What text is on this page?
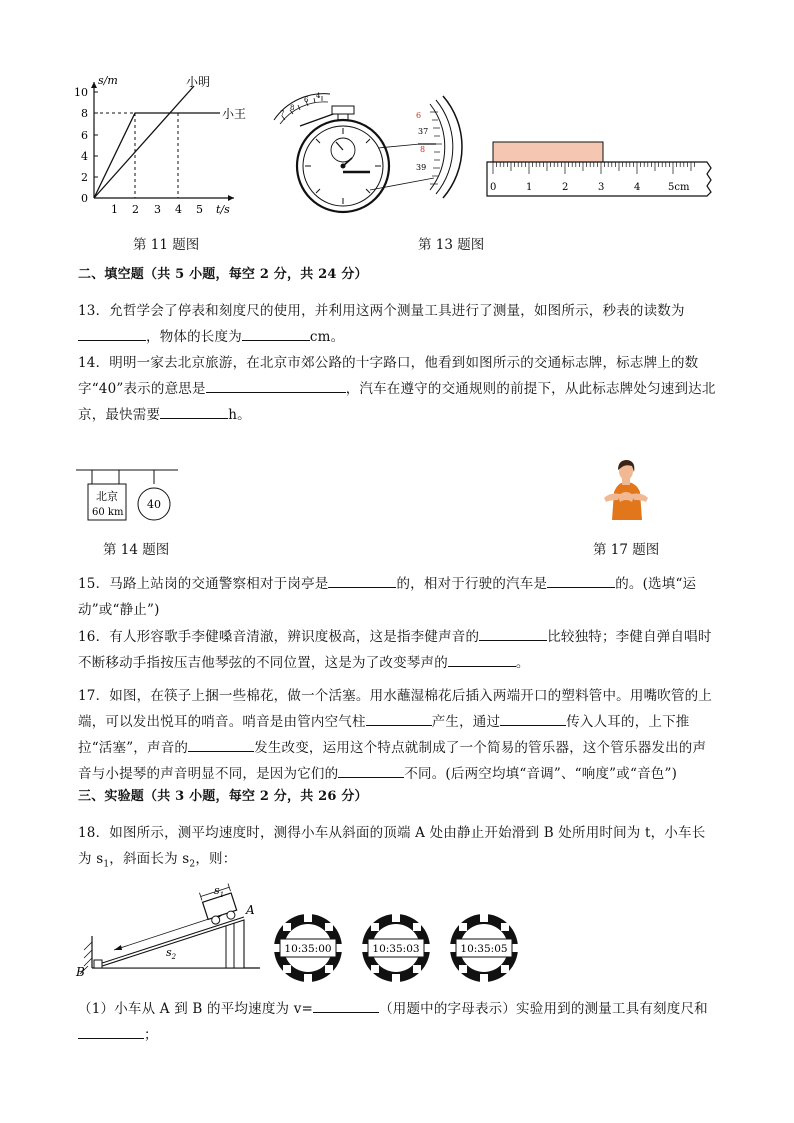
s/m
t/s
10
8
6
4
2
0
1 2 3 4 5
小明
小王
第 11 题图
7
8
6 4
6
37
8
39
0	1	2	3	4	5cm
第 13 题图
二、填空题（共 5 小题，每空 2 分，共 24 分）
13．允哲学会了停表和刻度尺的使用，并利用这两个测量工具进行了测量，如图所示，秒表的读数为，物体的长度为	cm。
14．明明一家去北京旅游，在北京市郊公路的十字路口，他看到如图所示的交通标志牌，标志牌上的数字“40”表示的意思是	，汽车在遵守的交通规则的前提下，从此标志牌处匀速到达北京，最快需要	h。
北京
60 km
40
第 14 题图	第 17 题图
15．马路上站岗的交通警察相对于岗亭是	的，相对于行驶的汽车是	的。(选填“运动”或“静止”)
16．有人形容歌手李健嗓音清澈，辨识度极高，这是指李健声音的	比较独特；李健自弹自唱时不断移动手指按压吉他琴弦的不同位置，这是为了改变琴声的	。
17．如图，在筷子上捆一些棉花，做一个活塞。用水蘸湿棉花后插入两端开口的塑料管中。用嘴吹管的上端，可以发出悦耳的哨音。哨音是由管内空气柱	产生，通过	传入人耳的，上下推拉“活塞”，声音的	发生改变，运用这个特点就制成了一个简易的管乐器，这个管乐器发出的声音与小提琴的声音明显不同，是因为它们的	不同。(后两空均填“音调”、“响度”或“音色”)
三、实验题（共 3 小题，每空 2 分，共 26 分）
18．如图所示，测平均速度时，测得小车从斜面的顶端 A 处由静止开始滑到 B 处所用时间为 t，小车长为 $s_1$，斜面长为 $s_2$，则：
A
B
$s_1$
$s_2$
10:35:00	10:35:03	10:35:05
（1）小车从 A 到 B 的平均速度为 v=	（用题中的字母表示）实验用到的测量工具有刻度尺和；
